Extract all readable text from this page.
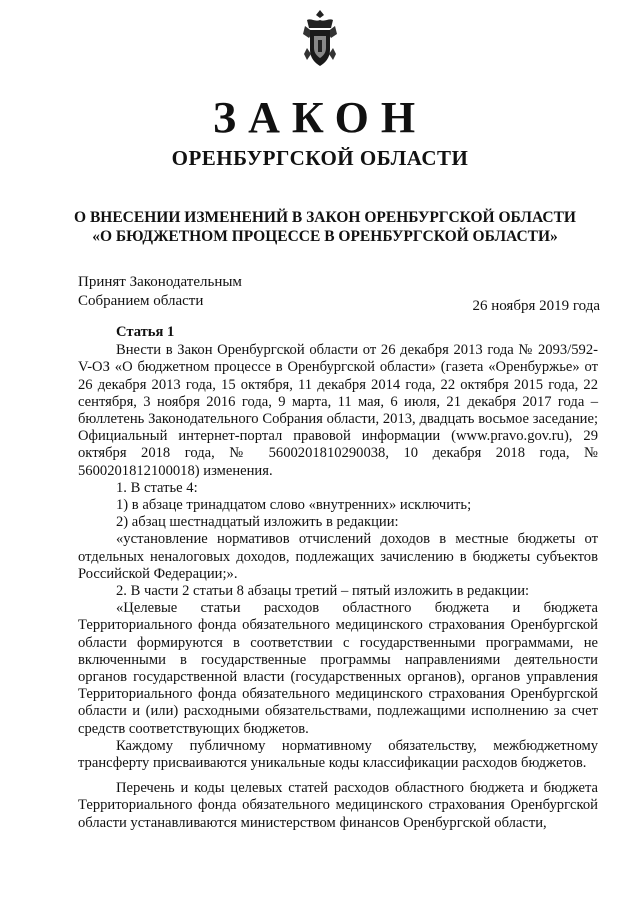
ЗАКОН
ОРЕНБУРГСКОЙ ОБЛАСТИ
О ВНЕСЕНИИ ИЗМЕНЕНИЙ В ЗАКОН ОРЕНБУРГСКОЙ ОБЛАСТИ
«О БЮДЖЕТНОМ ПРОЦЕССЕ В ОРЕНБУРГСКОЙ ОБЛАСТИ»
Принят Законодательным
Собранием области	26 ноября 2019 года
Статья 1

Внести в Закон Оренбургской области от 26 декабря 2013 года № 2093/592-V-ОЗ «О бюджетном процессе в Оренбургской области» (газета «Оренбуржье» от 26 декабря 2013 года, 15 октября, 11 декабря 2014 года, 22 октября 2015 года, 22 сентября, 3 ноября 2016 года, 9 марта, 11 мая, 6 июля, 21 декабря 2017 года – бюллетень Законодательного Собрания области, 2013, двадцать восьмое заседание; Официальный интернет-портал правовой информации (www.pravo.gov.ru), 29 октября 2018 года, № 5600201810290038, 10 декабря 2018 года, № 5600201812100018) изменения.

1. В статье 4:

1) в абзаце тринадцатом слово «внутренних» исключить;

2) абзац шестнадцатый изложить в редакции:

«установление нормативов отчислений доходов в местные бюджеты от отдельных неналоговых доходов, подлежащих зачислению в бюджеты субъектов Российской Федерации;».

2. В части 2 статьи 8 абзацы третий – пятый изложить в редакции:

«Целевые статьи расходов областного бюджета и бюджета Территориального фонда обязательного медицинского страхования Оренбургской области формируются в соответствии с государственными программами, не включенными в государственные программы направлениями деятельности органов государственной власти (государственных органов), органов управления Территориального фонда обязательного медицинского страхования Оренбургской области и (или) расходными обязательствами, подлежащими исполнению за счет средств соответствующих бюджетов.

Каждому публичному нормативному обязательству, межбюджетному трансферту присваиваются уникальные коды классификации расходов бюджетов.

Перечень и коды целевых статей расходов областного бюджета и бюджета Территориального фонда обязательного медицинского страхования Оренбургской области устанавливаются министерством финансов Оренбургской области,
